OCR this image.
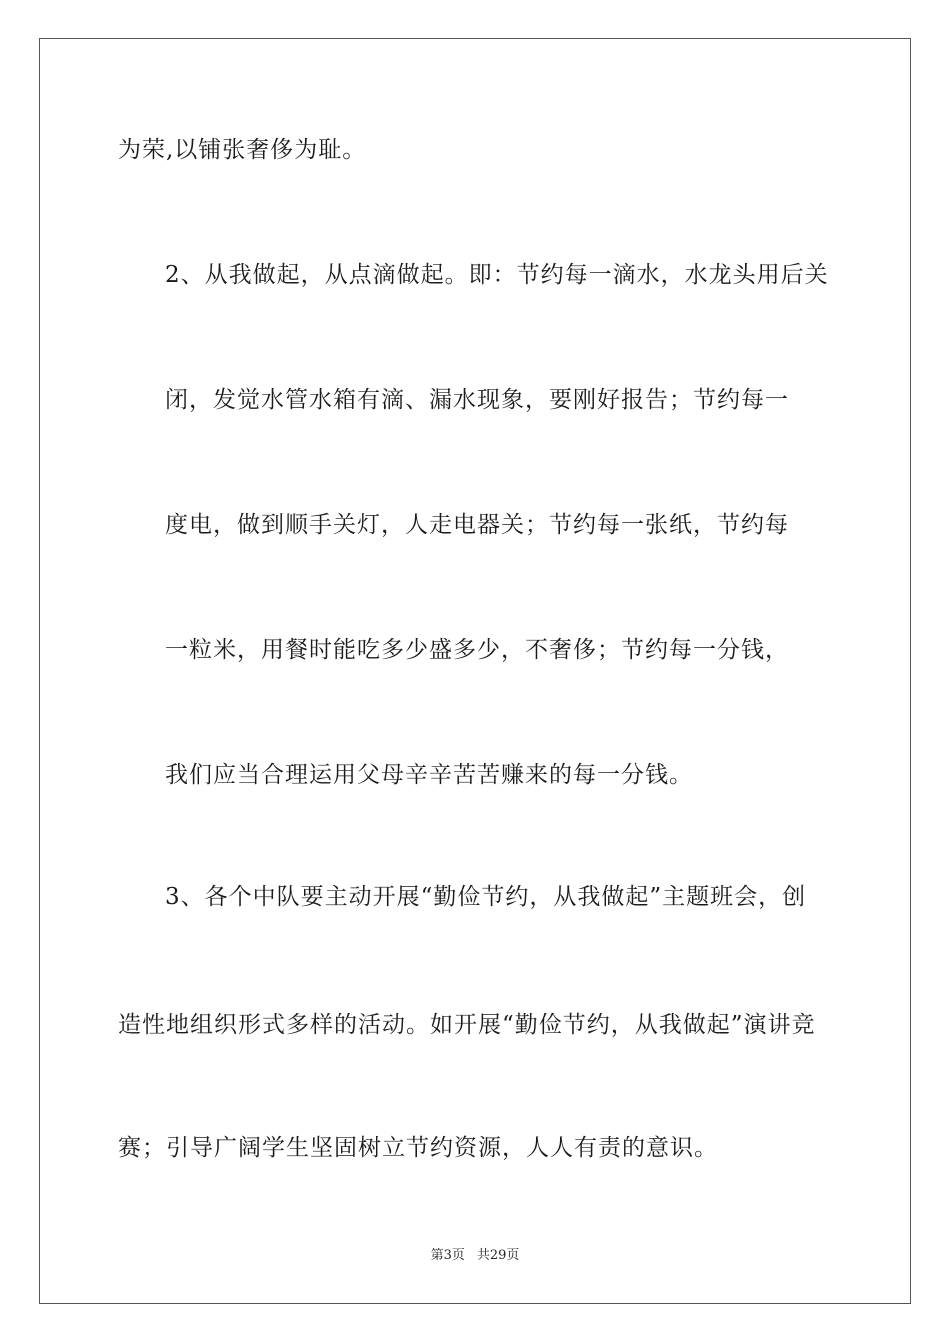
为荣,以铺张奢侈为耻。
2、从我做起，从点滴做起。即：节约每一滴水，水龙头用后关
闭，发觉水管水箱有滴、漏水现象，要刚好报告；节约每一
度电，做到顺手关灯，人走电器关；节约每一张纸，节约每
一粒米，用餐时能吃多少盛多少，不奢侈；节约每一分钱，
我们应当合理运用父母辛辛苦苦赚来的每一分钱。
3、各个中队要主动开展“勤俭节约，从我做起”主题班会，创
造性地组织形式多样的活动。如开展“勤俭节约，从我做起”演讲竞
赛；引导广阔学生坚固树立节约资源，人人有责的意识。
第3页 共29页
